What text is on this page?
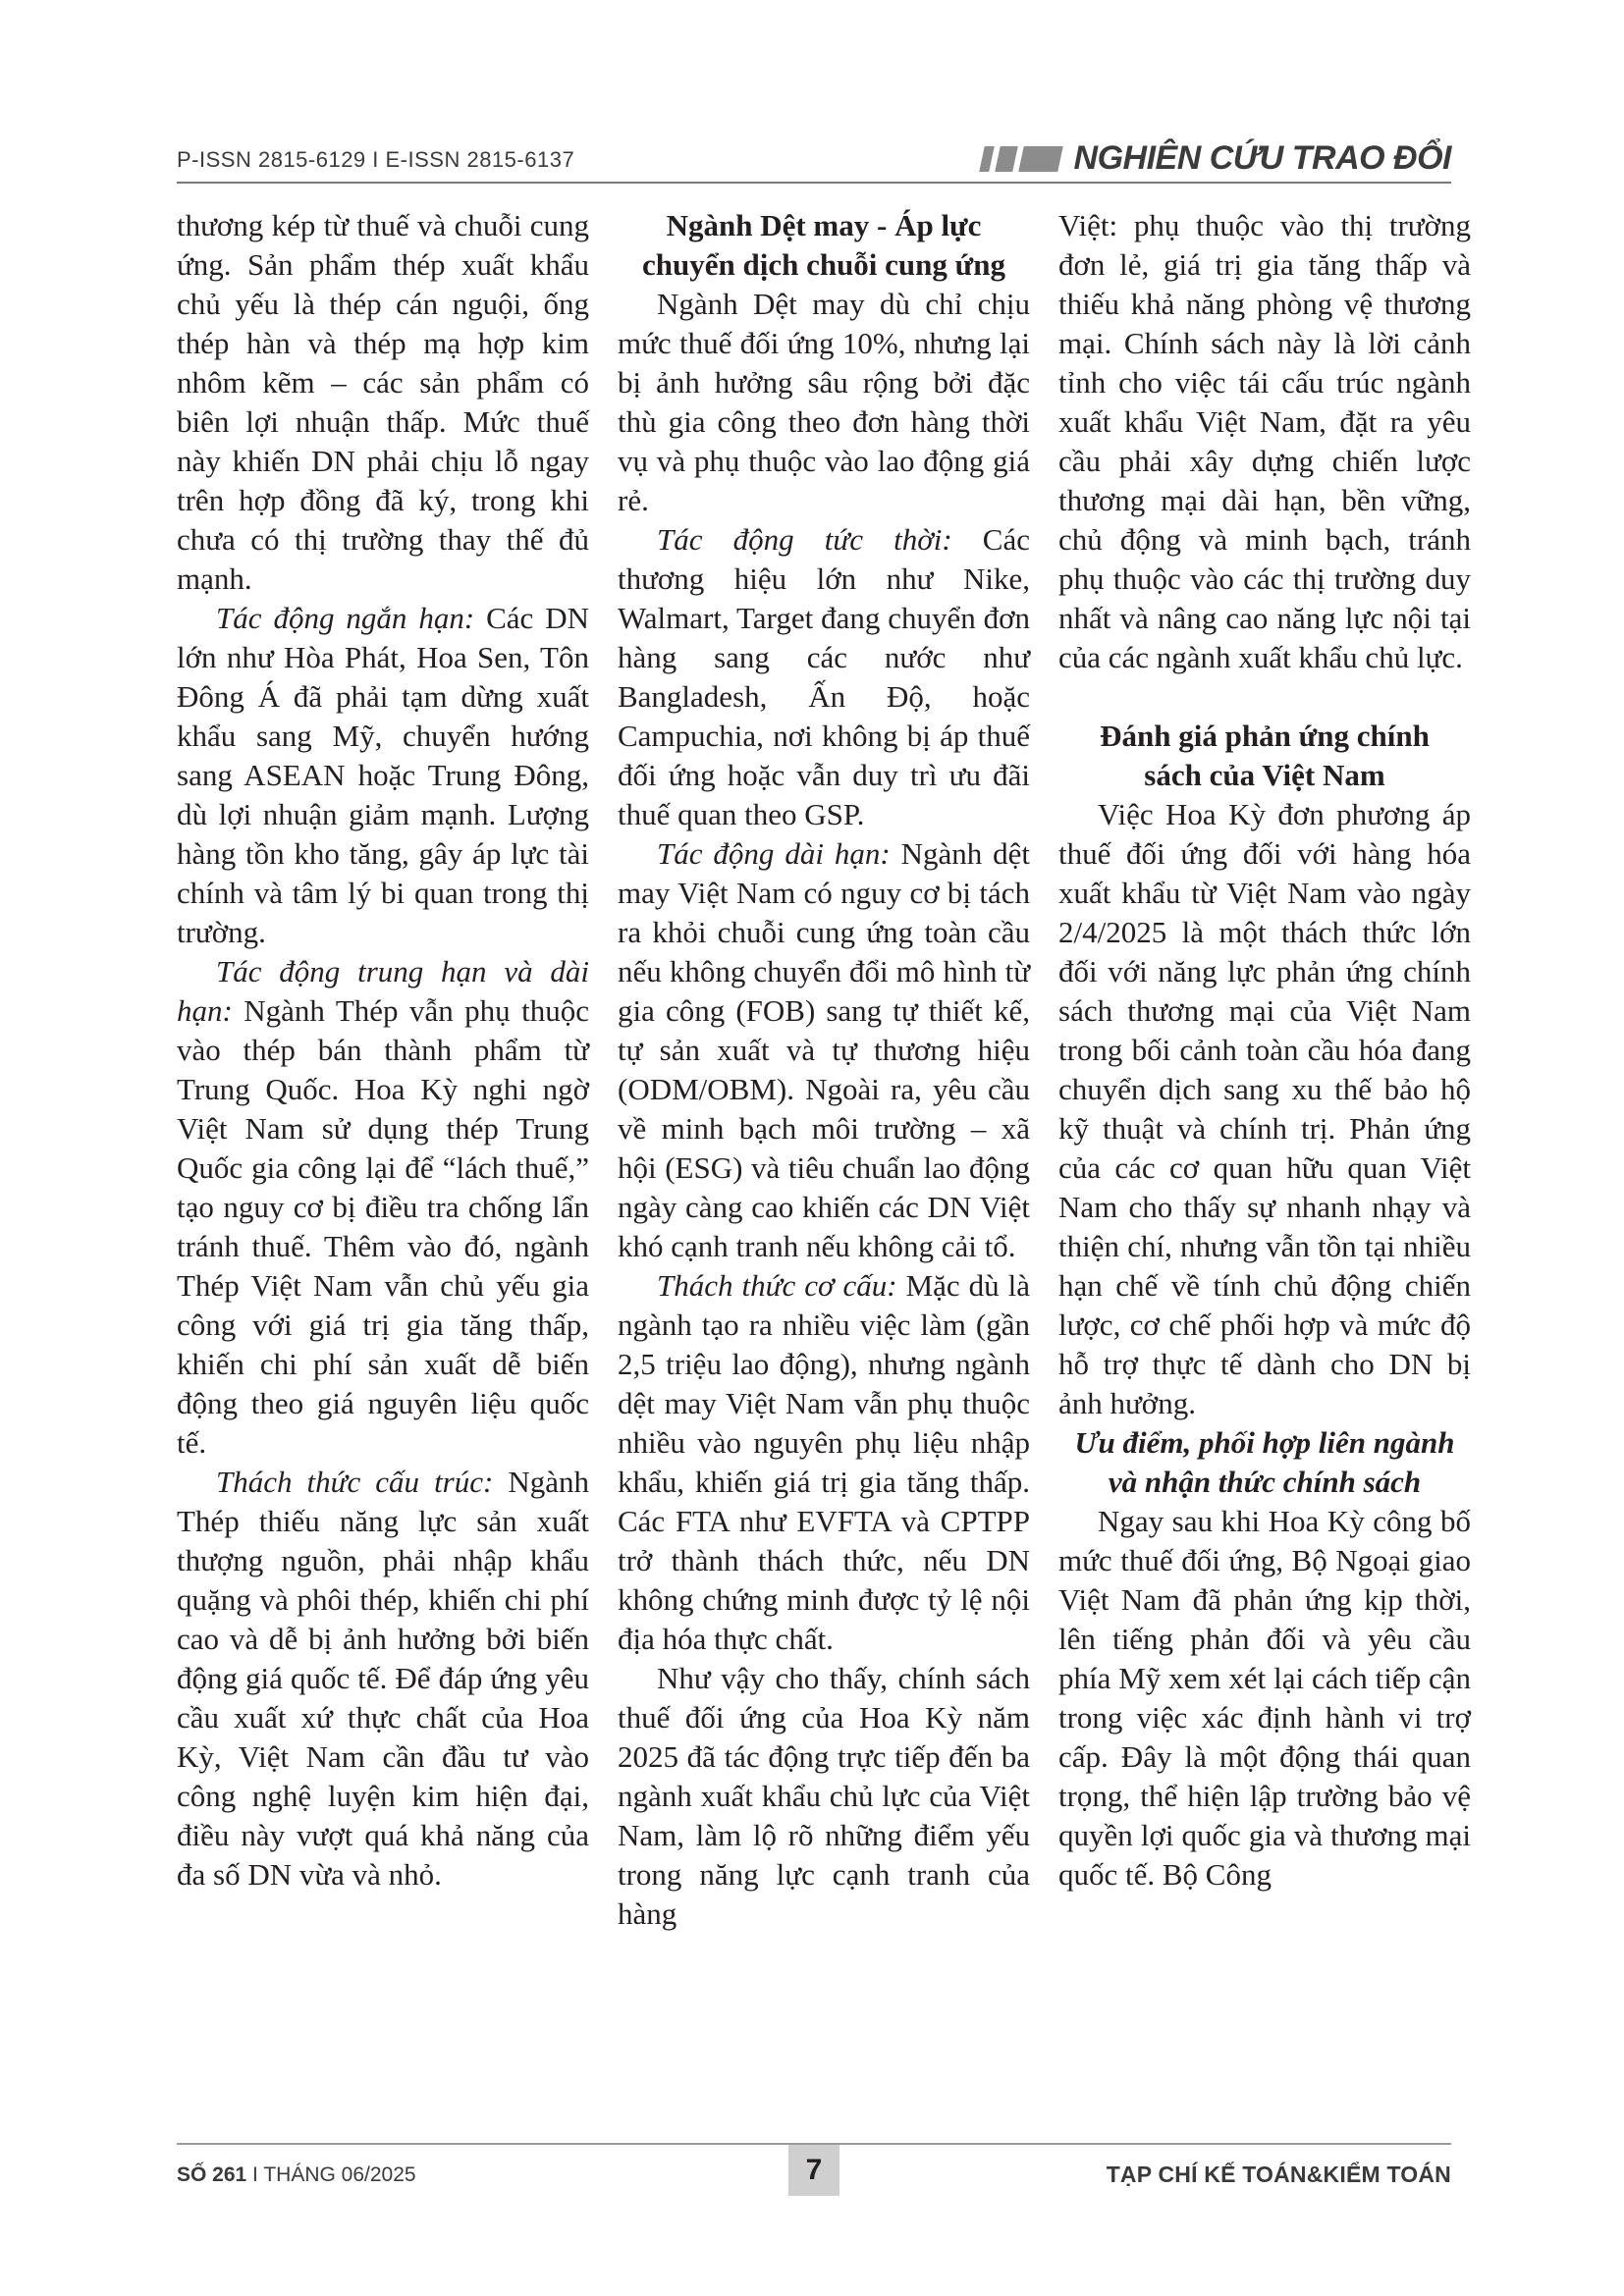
P-ISSN 2815-6129 I E-ISSN 2815-6137	NGHIÊN CỨU TRAO ĐỔI

thương kép từ thuế và chuỗi cung ứng. Sản phẩm thép xuất khẩu chủ yếu là thép cán nguội, ống thép hàn và thép mạ hợp kim nhôm kẽm – các sản phẩm có biên lợi nhuận thấp. Mức thuế này khiến DN phải chịu lỗ ngay trên hợp đồng đã ký, trong khi chưa có thị trường thay thế đủ mạnh.

Tác động ngắn hạn: Các DN lớn như Hòa Phát, Hoa Sen, Tôn Đông Á đã phải tạm dừng xuất khẩu sang Mỹ, chuyển hướng sang ASEAN hoặc Trung Đông, dù lợi nhuận giảm mạnh. Lượng hàng tồn kho tăng, gây áp lực tài chính và tâm lý bi quan trong thị trường.

Tác động trung hạn và dài hạn: Ngành Thép vẫn phụ thuộc vào thép bán thành phẩm từ Trung Quốc. Hoa Kỳ nghi ngờ Việt Nam sử dụng thép Trung Quốc gia công lại để “lách thuế,” tạo nguy cơ bị điều tra chống lẩn tránh thuế. Thêm vào đó, ngành Thép Việt Nam vẫn chủ yếu gia công với giá trị gia tăng thấp, khiến chi phí sản xuất dễ biến động theo giá nguyên liệu quốc tế.

Thách thức cấu trúc: Ngành Thép thiếu năng lực sản xuất thượng nguồn, phải nhập khẩu quặng và phôi thép, khiến chi phí cao và dễ bị ảnh hưởng bởi biến động giá quốc tế. Để đáp ứng yêu cầu xuất xứ thực chất của Hoa Kỳ, Việt Nam cần đầu tư vào công nghệ luyện kim hiện đại, điều này vượt quá khả năng của đa số DN vừa và nhỏ.

Ngành Dệt may - Áp lực chuyển dịch chuỗi cung ứng

Ngành Dệt may dù chỉ chịu mức thuế đối ứng 10%, nhưng lại bị ảnh hưởng sâu rộng bởi đặc thù gia công theo đơn hàng thời vụ và phụ thuộc vào lao động giá rẻ.

Tác động tức thời: Các thương hiệu lớn như Nike, Walmart, Target đang chuyển đơn hàng sang các nước như Bangladesh, Ấn Độ, hoặc Campuchia, nơi không bị áp thuế đối ứng hoặc vẫn duy trì ưu đãi thuế quan theo GSP.

Tác động dài hạn: Ngành dệt may Việt Nam có nguy cơ bị tách ra khỏi chuỗi cung ứng toàn cầu nếu không chuyển đổi mô hình từ gia công (FOB) sang tự thiết kế, tự sản xuất và tự thương hiệu (ODM/OBM). Ngoài ra, yêu cầu về minh bạch môi trường – xã hội (ESG) và tiêu chuẩn lao động ngày càng cao khiến các DN Việt khó cạnh tranh nếu không cải tổ.

Thách thức cơ cấu: Mặc dù là ngành tạo ra nhiều việc làm (gần 2,5 triệu lao động), nhưng ngành dệt may Việt Nam vẫn phụ thuộc nhiều vào nguyên phụ liệu nhập khẩu, khiến giá trị gia tăng thấp. Các FTA như EVFTA và CPTPP trở thành thách thức, nếu DN không chứng minh được tỷ lệ nội địa hóa thực chất.

Như vậy cho thấy, chính sách thuế đối ứng của Hoa Kỳ năm 2025 đã tác động trực tiếp đến ba ngành xuất khẩu chủ lực của Việt Nam, làm lộ rõ những điểm yếu trong năng lực cạnh tranh của hàng

Việt: phụ thuộc vào thị trường đơn lẻ, giá trị gia tăng thấp và thiếu khả năng phòng vệ thương mại. Chính sách này là lời cảnh tỉnh cho việc tái cấu trúc ngành xuất khẩu Việt Nam, đặt ra yêu cầu phải xây dựng chiến lược thương mại dài hạn, bền vững, chủ động và minh bạch, tránh phụ thuộc vào các thị trường duy nhất và nâng cao năng lực nội tại của các ngành xuất khẩu chủ lực.

Đánh giá phản ứng chính sách của Việt Nam

Việc Hoa Kỳ đơn phương áp thuế đối ứng đối với hàng hóa xuất khẩu từ Việt Nam vào ngày 2/4/2025 là một thách thức lớn đối với năng lực phản ứng chính sách thương mại của Việt Nam trong bối cảnh toàn cầu hóa đang chuyển dịch sang xu thế bảo hộ kỹ thuật và chính trị. Phản ứng của các cơ quan hữu quan Việt Nam cho thấy sự nhanh nhạy và thiện chí, nhưng vẫn tồn tại nhiều hạn chế về tính chủ động chiến lược, cơ chế phối hợp và mức độ hỗ trợ thực tế dành cho DN bị ảnh hưởng.

Ưu điểm, phối hợp liên ngành và nhận thức chính sách

Ngay sau khi Hoa Kỳ công bố mức thuế đối ứng, Bộ Ngoại giao Việt Nam đã phản ứng kịp thời, lên tiếng phản đối và yêu cầu phía Mỹ xem xét lại cách tiếp cận trong việc xác định hành vi trợ cấp. Đây là một động thái quan trọng, thể hiện lập trường bảo vệ quyền lợi quốc gia và thương mại quốc tế. Bộ Công

SỐ 261 I THÁNG 06/2025	7	TẠP CHÍ KẾ TOÁN&KIỂM TOÁN
